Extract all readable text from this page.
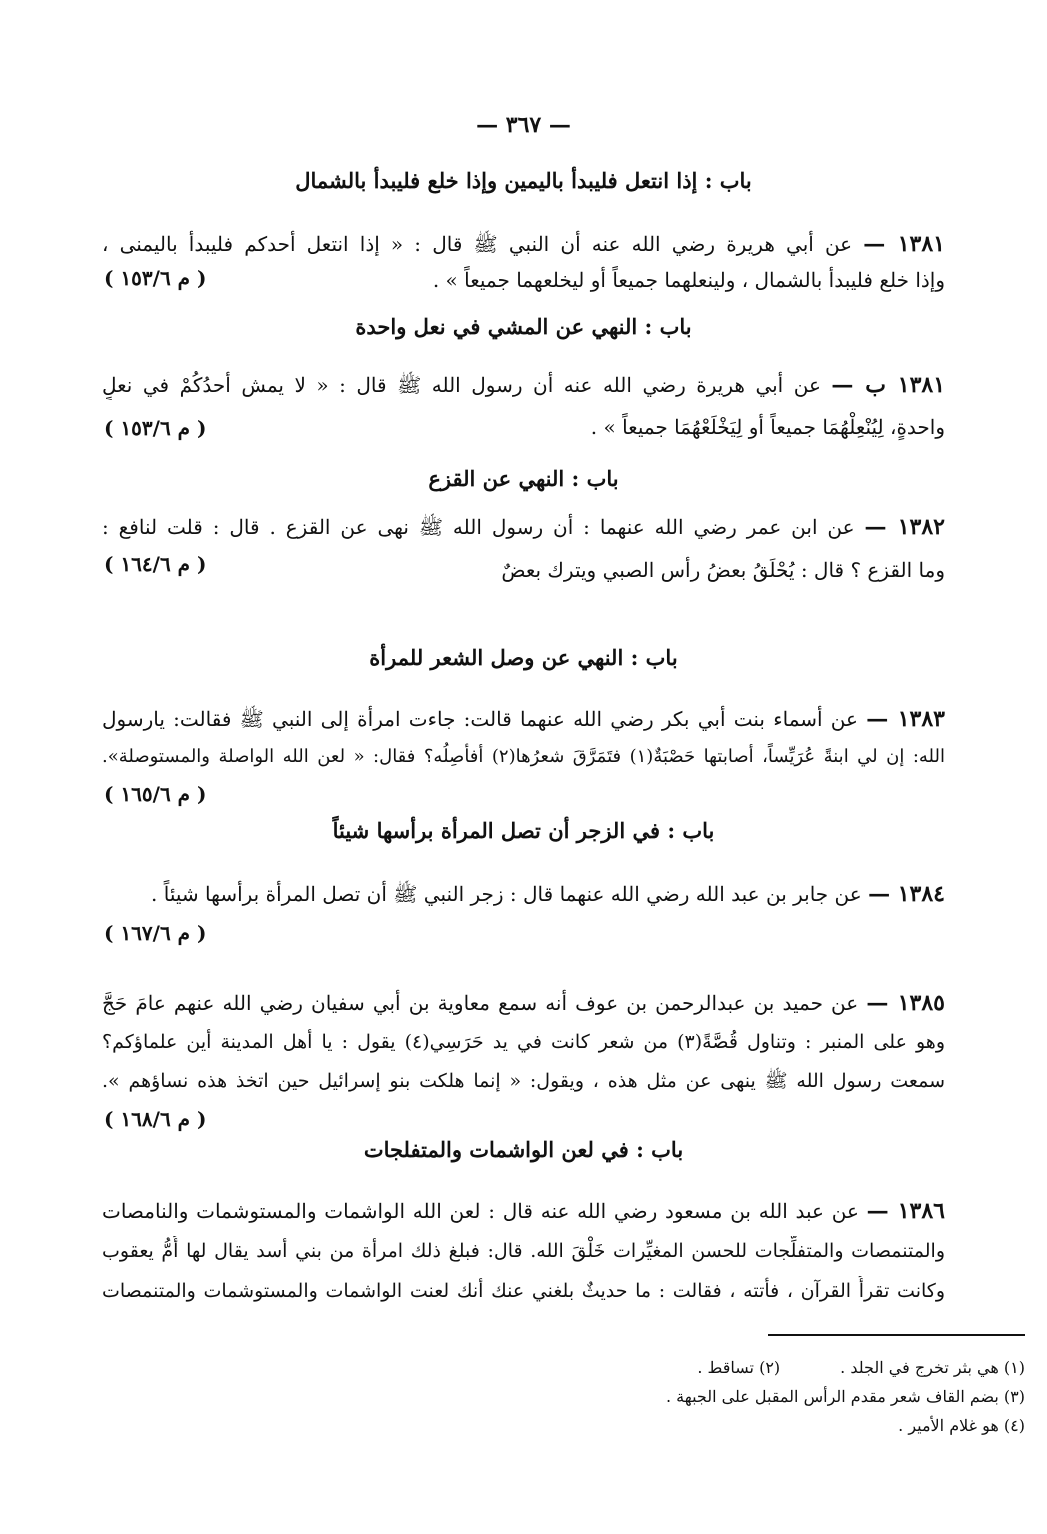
— ٣٦٧ —
باب : إذا انتعل فليبدأ باليمين وإذا خلع فليبدأ بالشمال
١٣٨١ — عن أبي هريرة رضي الله عنه أن النبي ﷺ قال : « إذا انتعل أحدكم فليبدأ باليمنى ،
وإذا خلع فليبدأ بالشمال ، ولينعلهما جميعاً أو ليخلعهما جميعاً » .
( م ١٥٣/٦ )
باب : النهي عن المشي في نعل واحدة
١٣٨١ ب — عن أبي هريرة رضي الله عنه أن رسول الله ﷺ قال : « لا يمش أحدُكُمْ في نعلٍ
واحدةٍ، لِيُنْعِلْهُمَا جميعاً أو لِيَخْلَعْهُمَا جميعاً » .
( م ١٥٣/٦ )
باب : النهي عن القزع
١٣٨٢ — عن ابن عمر رضي الله عنهما : أن رسول الله ﷺ نهى عن القزع . قال : قلت لنافع :
وما القزع ؟ قال : يُحْلَقُ بعضُ رأس الصبي ويترك بعضٌ
( م ١٦٤/٦ )
باب : النهي عن وصل الشعر للمرأة
١٣٨٣ — عن أسماء بنت أبي بكر رضي الله عنهما قالت: جاءت امرأة إلى النبي ﷺ فقالت: يارسول
الله: إن لي ابنةً عُرَيِّساً، أصابتها حَصْبَةٌ(١) فتَمَرَّقَ شعرُها(٢) أفأصِلُه؟ فقال: « لعن الله الواصلة والمستوصلة».
( م ١٦٥/٦ )
باب : في الزجر أن تصل المرأة برأسها شيئاً
١٣٨٤ — عن جابر بن عبد الله رضي الله عنهما قال : زجر النبي ﷺ أن تصل المرأة برأسها شيئاً .
( م ١٦٧/٦ )
١٣٨٥ — عن حميد بن عبدالرحمن بن عوف أنه سمع معاوية بن أبي سفيان رضي الله عنهم عامَ حَجَّ
وهو على المنبر : وتناول قُصَّةً(٣) من شعر كانت في يد حَرَسِي(٤) يقول : يا أهل المدينة أين علماؤكم؟
سمعت رسول الله ﷺ ينهى عن مثل هذه ، ويقول: « إنما هلكت بنو إسرائيل حين اتخذ هذه نساؤهم ».
( م ١٦٨/٦ )
باب : في لعن الواشمات والمتفلجات
١٣٨٦ — عن عبد الله بن مسعود رضي الله عنه قال : لعن الله الواشمات والمستوشمات والنامصات
والمتنمصات والمتفلِّجات للحسن المغيِّرات خَلْقَ الله. قال: فبلغ ذلك امرأة من بني أسد يقال لها أُمُّ يعقوب
وكانت تقرأُ القرآن ، فأتته ، فقالت : ما حديثٌ بلغني عنك أنك لعنت الواشمات والمستوشمات والمتنمصات
(١) هي بثر تخرج في الجلد .(٢) تساقط .
(٣) بضم القاف شعر مقدم الرأس المقبل على الجبهة .
(٤) هو غلام الأمير .
